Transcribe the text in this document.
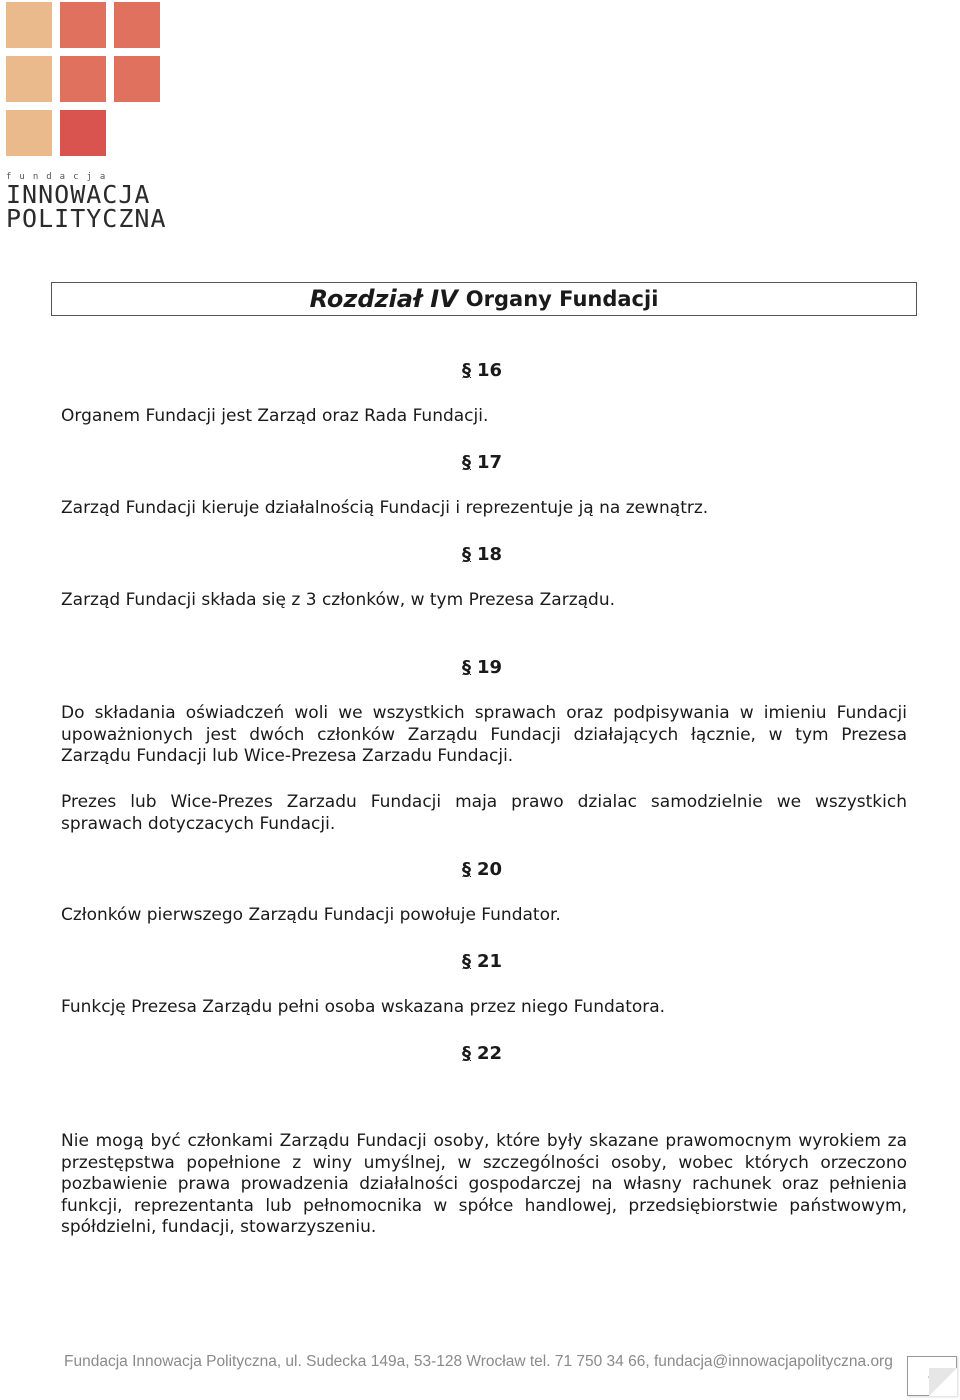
fundacja
INNOWACJA
POLITYCZNA
Rozdział IV Organy Fundacji
§ 16
Organem Fundacji jest Zarząd oraz Rada Fundacji.
§ 17
Zarząd Fundacji kieruje działalnością Fundacji i reprezentuje ją na zewnątrz.
§ 18
Zarząd Fundacji składa się z 3 członków, w tym Prezesa Zarządu.
§ 19
Do składania oświadczeń woli we wszystkich sprawach oraz podpisywania w imieniu Fundacji upoważnionych jest dwóch członków Zarządu Fundacji działających łącznie, w tym Prezesa Zarządu Fundacji lub Wice-Prezesa Zarzadu Fundacji.
Prezes lub Wice-Prezes Zarzadu Fundacji maja prawo dzialac samodzielnie we wszystkich sprawach dotyczacych Fundacji.
§ 20
Członków pierwszego Zarządu Fundacji powołuje Fundator.
§ 21
Funkcję Prezesa Zarządu pełni osoba wskazana przez niego Fundatora.
§ 22
Nie mogą być członkami Zarządu Fundacji osoby, które były skazane prawomocnym wyrokiem za przestępstwa popełnione z winy umyślnej, w szczególności osoby, wobec których orzeczono pozbawienie prawa prowadzenia działalności gospodarczej na własny rachunek oraz pełnienia funkcji, reprezentanta lub pełnomocnika w spółce handlowej, przedsiębiorstwie państwowym, spółdzielni, fundacji, stowarzyszeniu.
Fundacja Innowacja Polityczna, ul. Sudecka 149a, 53-128 Wrocław tel. 71 750 34 66, fundacja@innowacjapolityczna.org
4
